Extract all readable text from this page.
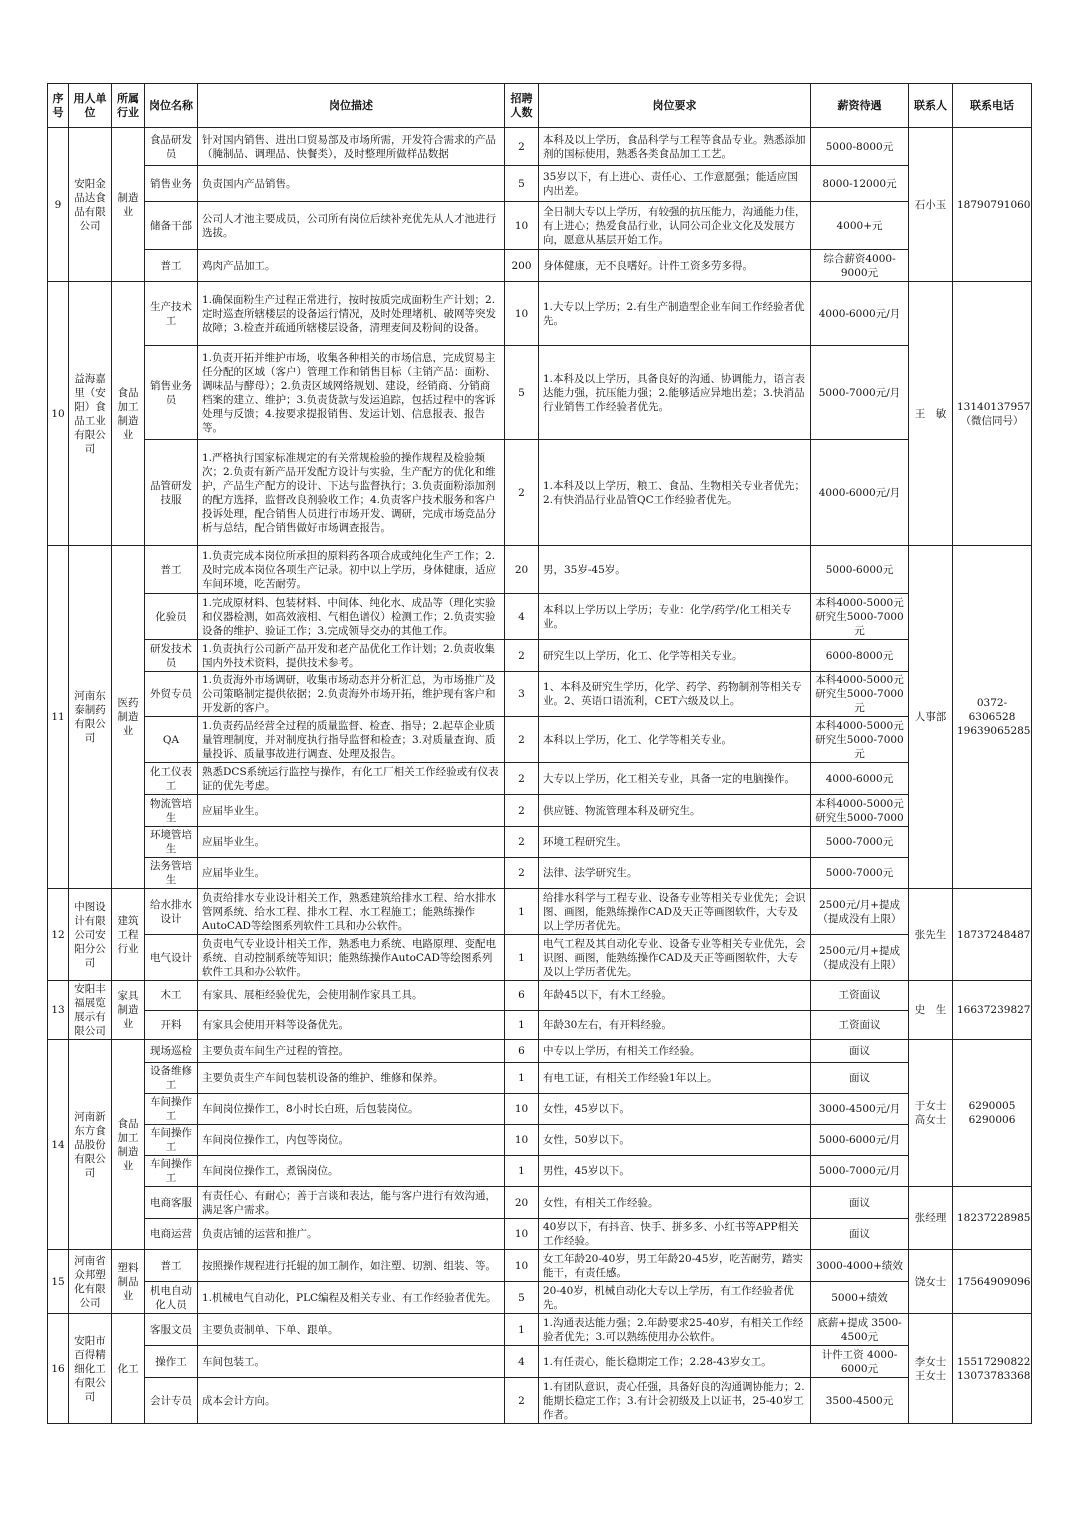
序号	用人单位	所属行业	岗位名称	岗位描述	招聘人数	岗位要求	薪资待遇	联系人	联系电话
9	安阳金品达食品有限公司	制造业	食品研发员	针对国内销售、进出口贸易部及市场所需，开发符合需求的产品（腌制品、调理品、快餐类），及时整理所做样品数据	2	本科及以上学历，食品科学与工程等食品专业。熟悉添加剂的国标使用，熟悉各类食品加工工艺。	5000-8000元	石小玉	18790791060
			销售业务	负责国内产品销售。	5	35岁以下，有上进心、责任心、工作意愿强；能适应国内出差。	8000-12000元		
			储备干部	公司人才池主要成员，公司所有岗位后续补充优先从人才池进行选拔。	10	全日制大专以上学历，有较强的抗压能力，沟通能力佳，有上进心；热爱食品行业，认同公司企业文化及发展方向，愿意从基层开始工作。	4000+元		
			普工	鸡肉产品加工。	200	身体健康，无不良嗜好。计件工资多劳多得。	综合薪资4000-9000元		
10	益海嘉里（安阳）食品工业有限公司	食品加工制造业	生产技术工	1.确保面粉生产过程正常进行，按时按质完成面粉生产计划；2.定时巡查所辖楼层的设备运行情况，及时处理堵机、破网等突发故障；3.检查并疏通所辖楼层设备，清理麦间及粉间的设备。	10	1.大专以上学历；2.有生产制造型企业车间工作经验者优先。	4000-6000元/月	王　敏	13140137957（微信同号）
			销售业务员	1.负责开拓并维护市场，收集各种相关的市场信息，完成贸易主任分配的区域（客户）管理工作和销售目标（主销产品：面粉、调味品与酵母）；2.负责区域网络规划、建设，经销商、分销商档案的建立、维护；3.负责货款与发运追踪，包括过程中的客诉处理与反馈；4.按要求提报销售、发运计划、信息报表、报告等。	5	1.本科及以上学历，具备良好的沟通、协调能力，语言表达能力强，抗压能力强；2.能够适应异地出差；3.快消品行业销售工作经验者优先。	5000-7000元/月		
			品管研发技服	1.严格执行国家标准规定的有关常规检验的操作规程及检验频次；2.负责有新产品开发配方设计与实验，生产配方的优化和维护，产品生产配方的设计、下达与监督执行；3.负责面粉添加剂的配方选择，监督改良剂验收工作；4.负责客户技术服务和客户投诉处理，配合销售人员进行市场开发、调研，完成市场竞品分析与总结，配合销售做好市场调查报告。	2	1.本科及以上学历，粮工、食品、生物相关专业者优先；2.有快消品行业品管QC工作经验者优先。	4000-6000元/月		
11	河南东泰制药有限公司	医药制造业	普工	1.负责完成本岗位所承担的原料药各项合成或纯化生产工作；2.及时完成本岗位各项生产记录。初中以上学历，身体健康，适应车间环境，吃苦耐劳。	20	男，35岁-45岁。	5000-6000元	人事部	0372-6306528 19639065285
			化验员	1.完成原材料、包装材料、中间体、纯化水、成品等（理化实验和仪器检测，如高效液相、气相色谱仪）检测工作；2.负责实验设备的维护、验证工作；3.完成领导交办的其他工作。	4	本科以上学历以上学历；专业：化学/药学/化工相关专业。	本科4000-5000元研究生5000-7000元		
			研发技术员	1.负责执行公司新产品开发和老产品优化工作计划；2.负责收集国内外技术资料，提供技术参考。	2	研究生以上学历，化工、化学等相关专业。	6000-8000元		
			外贸专员	1.负责海外市场调研，收集市场动态并分析汇总，为市场推广及公司策略制定提供依据；2.负责海外市场开拓，维护现有客户和开发新的客户。	3	1、本科及研究生学历，化学、药学、药物制剂等相关专业。2、英语口语流利，CET六级及以上。	本科4000-5000元研究生5000-7000元		
			QA	1.负责药品经营全过程的质量监督、检查、指导；2.起草企业质量管理制度，并对制度执行指导监督和检查；3.对质量查询、质量投诉、质量事故进行调查、处理及报告。	2	本科以上学历，化工、化学等相关专业。	本科4000-5000元研究生5000-7000元		
			化工仪表工	熟悉DCS系统运行监控与操作，有化工厂相关工作经验或有仪表证的优先考虑。	2	大专以上学历，化工相关专业，具备一定的电脑操作。	4000-6000元		
			物流管培生	应届毕业生。	2	供应链、物流管理本科及研究生。	本科4000-5000元研究生5000-7000		
			环境管培生	应届毕业生。	2	环境工程研究生。	5000-7000元		
			法务管培生	应届毕业生。	2	法律、法学研究生。	5000-7000元		
12	中图设计有限公司安阳分公司	建筑工程行业	给水排水设计	负责给排水专业设计相关工作，熟悉建筑给排水工程、给水排水管网系统、给水工程、排水工程、水工程施工；能熟练操作AutoCAD等绘图系列软件工具和办公软件。	1	给排水科学与工程专业、设备专业等相关专业优先；会识图、画图，能熟练操作CAD及天正等画图软件，大专及以上学历者优先。	2500元/月+提成（提成没有上限）	张先生	18737248487
			电气设计	负责电气专业设计相关工作，熟悉电力系统、电路原理、变配电系统、自动控制系统等知识；能熟练操作AutoCAD等绘图系列软件工具和办公软件。	1	电气工程及其自动化专业、设备专业等相关专业优先，会识图、画图，能熟练操作CAD及天正等画图软件，大专及以上学历者优先。	2500元/月+提成（提成没有上限）		
13	安阳丰福展览展示有限公司	家具制造业	木工	有家具、展柜经验优先，会使用制作家具工具。	6	年龄45以下，有木工经验。	工资面议	史　生	16637239827
			开料	有家具会使用开料等设备优先。	1	年龄30左右，有开料经验。	工资面议		
14	河南新东方食品股份有限公司	食品加工制造业	现场巡检	主要负责车间生产过程的管控。	6	中专以上学历，有相关工作经验。	面议	于女士 高女士	6290005 6290006
			设备维修工	主要负责生产车间包装机设备的维护、维修和保养。	1	有电工证，有相关工作经验1年以上。	面议		
			车间操作工	车间岗位操作工，8小时长白班，后包装岗位。	10	女性，45岁以下。	3000-4500元/月		
			车间操作工	车间岗位操作工，内包等岗位。	10	女性，50岁以下。	5000-6000元/月		
			车间操作工	车间岗位操作工，煮锅岗位。	1	男性，45岁以下。	5000-7000元/月		
			电商客服	有责任心、有耐心；善于言谈和表达，能与客户进行有效沟通，满足客户需求。	20	女性，有相关工作经验。	面议	张经理	18237228985
			电商运营	负责店铺的运营和推广。	10	40岁以下，有抖音、快手、拼多多、小红书等APP相关工作经验。	面议		
15	河南省众邦塑化有限公司	塑料制品业	普工	按照操作规程进行托辊的加工制作，如注塑、切割、组装、等。	10	女工年龄20-40岁，男工年龄20-45岁，吃苦耐劳，踏实能干，有责任感。	3000-4000+绩效	饶女士	17564909096
			机电自动化人员	1.机械电气自动化，PLC编程及相关专业、有工作经验者优先。	5	20-40岁，机械自动化大专以上学历，有工作经验者优先。	5000+绩效		
16	安阳市百得精细化工有限公司	化工	客服文员	主要负责制单、下单、跟单。	1	1.沟通表达能力强；2.年龄要求25-40岁，有相关工作经验者优先；3.可以熟练使用办公软件。	底薪+提成 3500-4500元	李女士 王女士	15517290822 13073783368
			操作工	车间包装工。	4	1.有任责心，能长稳期定工作；2.28-43岁女工。	计件工资 4000-6000元		
			会计专员	成本会计方向。	2	1.有团队意识，责心任强，具备好良的沟通调协能力；2.能期长稳定工作；3.有计会初级及上以证书，25-40岁工作者。	3500-4500元		
